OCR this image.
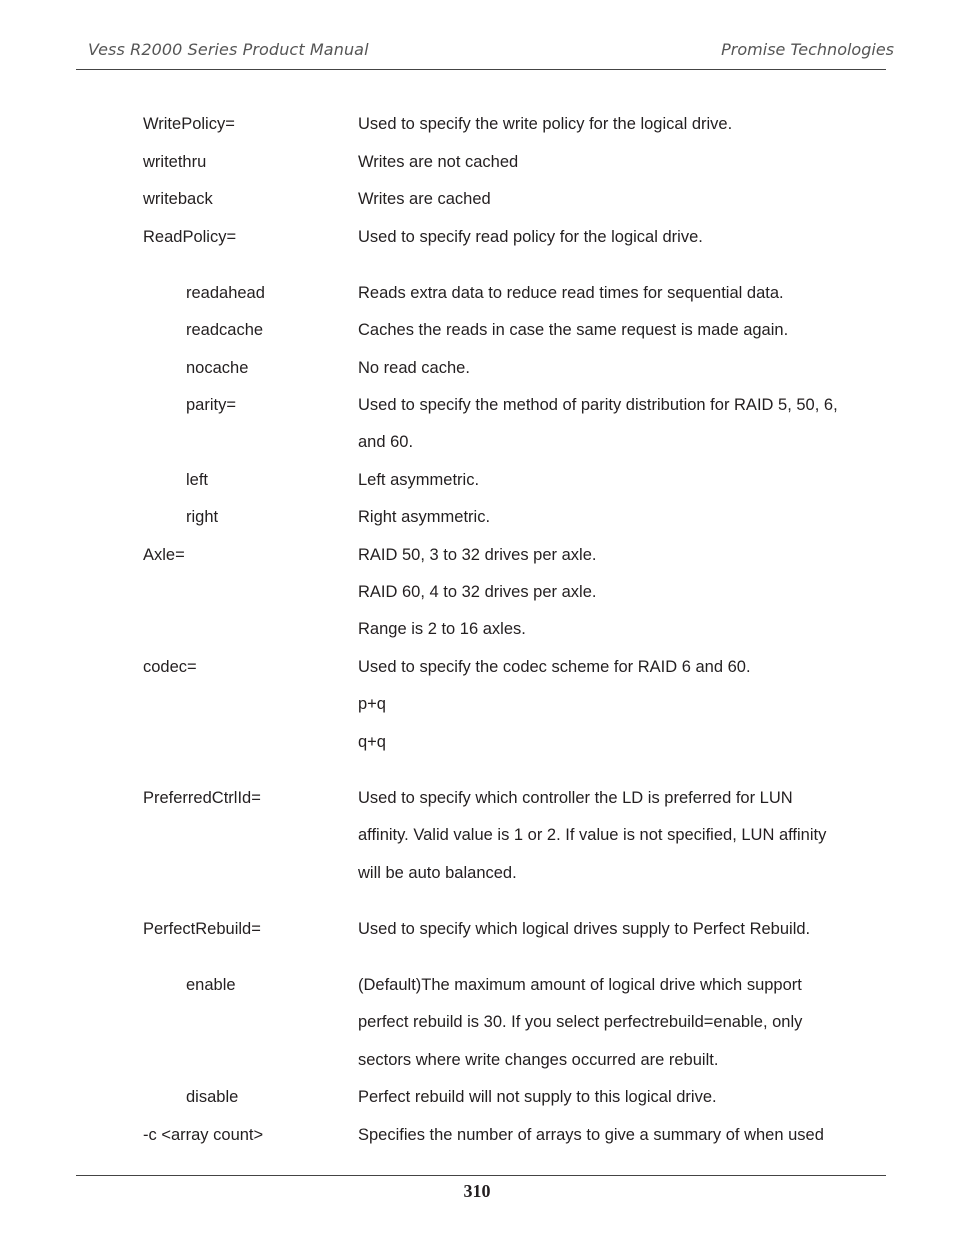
Vess R2000 Series Product Manual	Promise Technologies
WritePolicy=	Used to specify the write policy for the logical drive.
writethru	Writes are not cached
writeback	Writes are cached
ReadPolicy=	Used to specify read policy for the logical drive.
readahead	Reads extra data to reduce read times for sequential data.
readcache	Caches the reads in case the same request is made again.
nocache	No read cache.
parity=	Used to specify the method of parity distribution for RAID 5, 50, 6,
and 60.
left	Left asymmetric.
right	Right asymmetric.
Axle=	RAID 50, 3 to 32 drives per axle.
RAID 60, 4 to 32 drives per axle.
Range is 2 to 16 axles.
codec=	Used to specify the codec scheme for RAID 6 and 60.
p+q
q+q
PreferredCtrlId=	Used to specify which controller the LD is preferred for LUN
affinity. Valid value is 1 or 2. If value is not specified, LUN affinity
will be auto balanced.
PerfectRebuild=	Used to specify which logical drives supply to Perfect Rebuild.
enable	(Default)The maximum amount of logical drive which support
perfect rebuild is 30. If you select perfectrebuild=enable, only
sectors where write changes occurred are rebuilt.
disable	Perfect rebuild will not supply to this logical drive.
-c <array count>	Specifies the number of arrays to give a summary of when used
310
